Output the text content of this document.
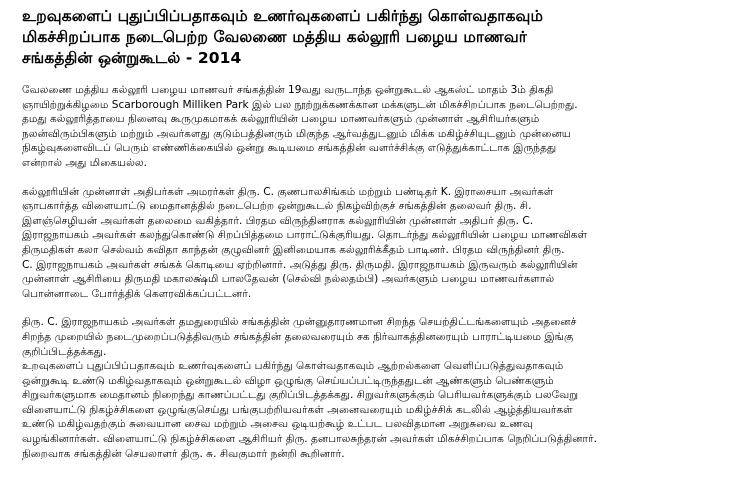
உறவுகளைப் புதுப்பிப்பதாகவும் உணர்வுகளைப் பகிர்ந்து கொள்வதாகவும்
மிகச்சிறப்பாக நடைபெற்ற வேலணை மத்திய கல்லூரி பழைய மாணவர்
சங்கத்தின் ஒன்றுகூடல் - 2014

வேலணை மத்திய கல்லூரி பழைய மாணவர் சங்கத்தின் 19வது வருடாந்த ஒன்றுகூடல் ஆகஸ்ட் மாதம் 3ம் திகதி
ஞாயிற்றுக்கிழமை Scarborough Milliken Park இல் பல நூற்றுக்கணக்கான மக்களுடன் மிகச்சிறப்பாக நடைபெற்றது.
தமது கல்லூரித்தாயை நினைவு கூருமுகமாகக் கல்லூரியின் பழைய மாணவர்களும் முன்னாள் ஆசிரியர்களும்
நலன்விரும்பிகளும் மற்றும் அவர்களது குடும்பத்தினரும் மிகுந்த ஆர்வத்துடனும் மிக்க மகிழ்ச்சியுடனும் முன்னைய
நிகழ்வுகளைவிடப் பெரும் எண்ணிக்கையில் ஒன்று கூடியமை சங்கத்தின் வளர்ச்சிக்கு எடுத்துக்காட்டாக இருந்தது
என்றால் அது மிகையல்ல.

கல்லூரியின் முன்னாள் அதிபர்கள் அமரர்கள் திரு. C. குணபாலசிங்கம் மற்றும் பண்டிதர் K. இராசையா அவர்கள்
ஞாபகார்த்த விளையாட்டு மைதானத்தில் நடைபெற்ற ஒன்றுகூடல் நிகழ்விற்குச் சங்கத்தின் தலைவர் திரு. சி.
இளஞ்செழியன் அவர்கள் தலைமை வகித்தார். பிரதம விருந்தினராக கல்லூரியின் முன்னாள் அதிபர் திரு. C.
இராஜநாயகம் அவர்கள் கலந்துகொண்டு சிறப்பித்தமை பாராட்டுக்குரியது. தொடர்ந்து கல்லூரியின் பழைய மாணவிகள்
திருமதிகள் கலா செல்வம் கவிதா காந்தன் குழுவினர் இனிமையாக கல்லூரிக்கீதம் பாடினர். பிரதம விருந்தினர் திரு.
C. இராஜநாயகம் அவர்கள் சங்கக் கொடியை ஏற்றினார். அடுத்து திரு. திருமதி. இராஜநாயகம் இருவரும் கல்லூரியின்
முன்னாள் ஆசிரியை திருமதி மகாலக்ஷ்மி பாலதேவன் (செல்வி நல்லதம்பி) அவர்களும் பழைய மாணவர்களால்
பொன்னாடை போர்த்திக் கௌரவிக்கப்பட்டனர்.

திரு. C. இராஜநாயகம் அவர்கள் தமதுரையில் சங்கத்தின் முன்னுதாரணமான சிறந்த செயற்திட்டங்களையும் அதனைச்
சிறந்த முறையில் நடைமுறைப்படுத்திவரும் சங்கத்தின் தலைவரையும் சக நிர்வாகத்தினரையும் பாராட்டியமை இங்கு
குறிப்பிடத்தக்கது.

உறவுகளைப் புதுப்பிப்பதாகவும் உணர்வுகளைப் பகிர்ந்து கொள்வதாகவும் ஆற்றல்களை வெளிப்படுத்துவதாகவும்
ஒன்றுகூடி உண்டு மகிழ்வதாகவும் ஒன்றுகூடல் விழா ஒழுங்கு செய்யப்பட்டிருந்ததுடன் ஆண்களும் பெண்களும்
சிறுவர்களுமாக மைதானம் நிறைந்து காணப்பட்டது குறிப்பிடத்தக்கது. சிறுவர்களுக்கும் பெரியவர்களுக்கும் பலவேறு
விளையாட்டு நிகழ்ச்சிகளை ஒழுங்குசெய்து பங்குபற்றியவர்கள் அனைவரையும் மகிழ்ச்சிக் கடலில் ஆழ்த்தியவர்கள்
உண்டு மகிழ்வதற்கும் சுவையான சைவ மற்றும் அசைவ ஒடியற்கூழ் உட்பட பலவிதமான அறுசுவை உணவு
வழங்கினார்கள். விளையாட்டு நிகழ்ச்சிகளை ஆசிரியர் திரு. தனபாலசுந்தரன் அவர்கள் மிகச்சிறப்பாக நெறிப்படுத்தினார்.
நிறைவாக சங்கத்தின் செயலாளர் திரு. சு. சிவகுமார் நன்றி கூறினார்.
